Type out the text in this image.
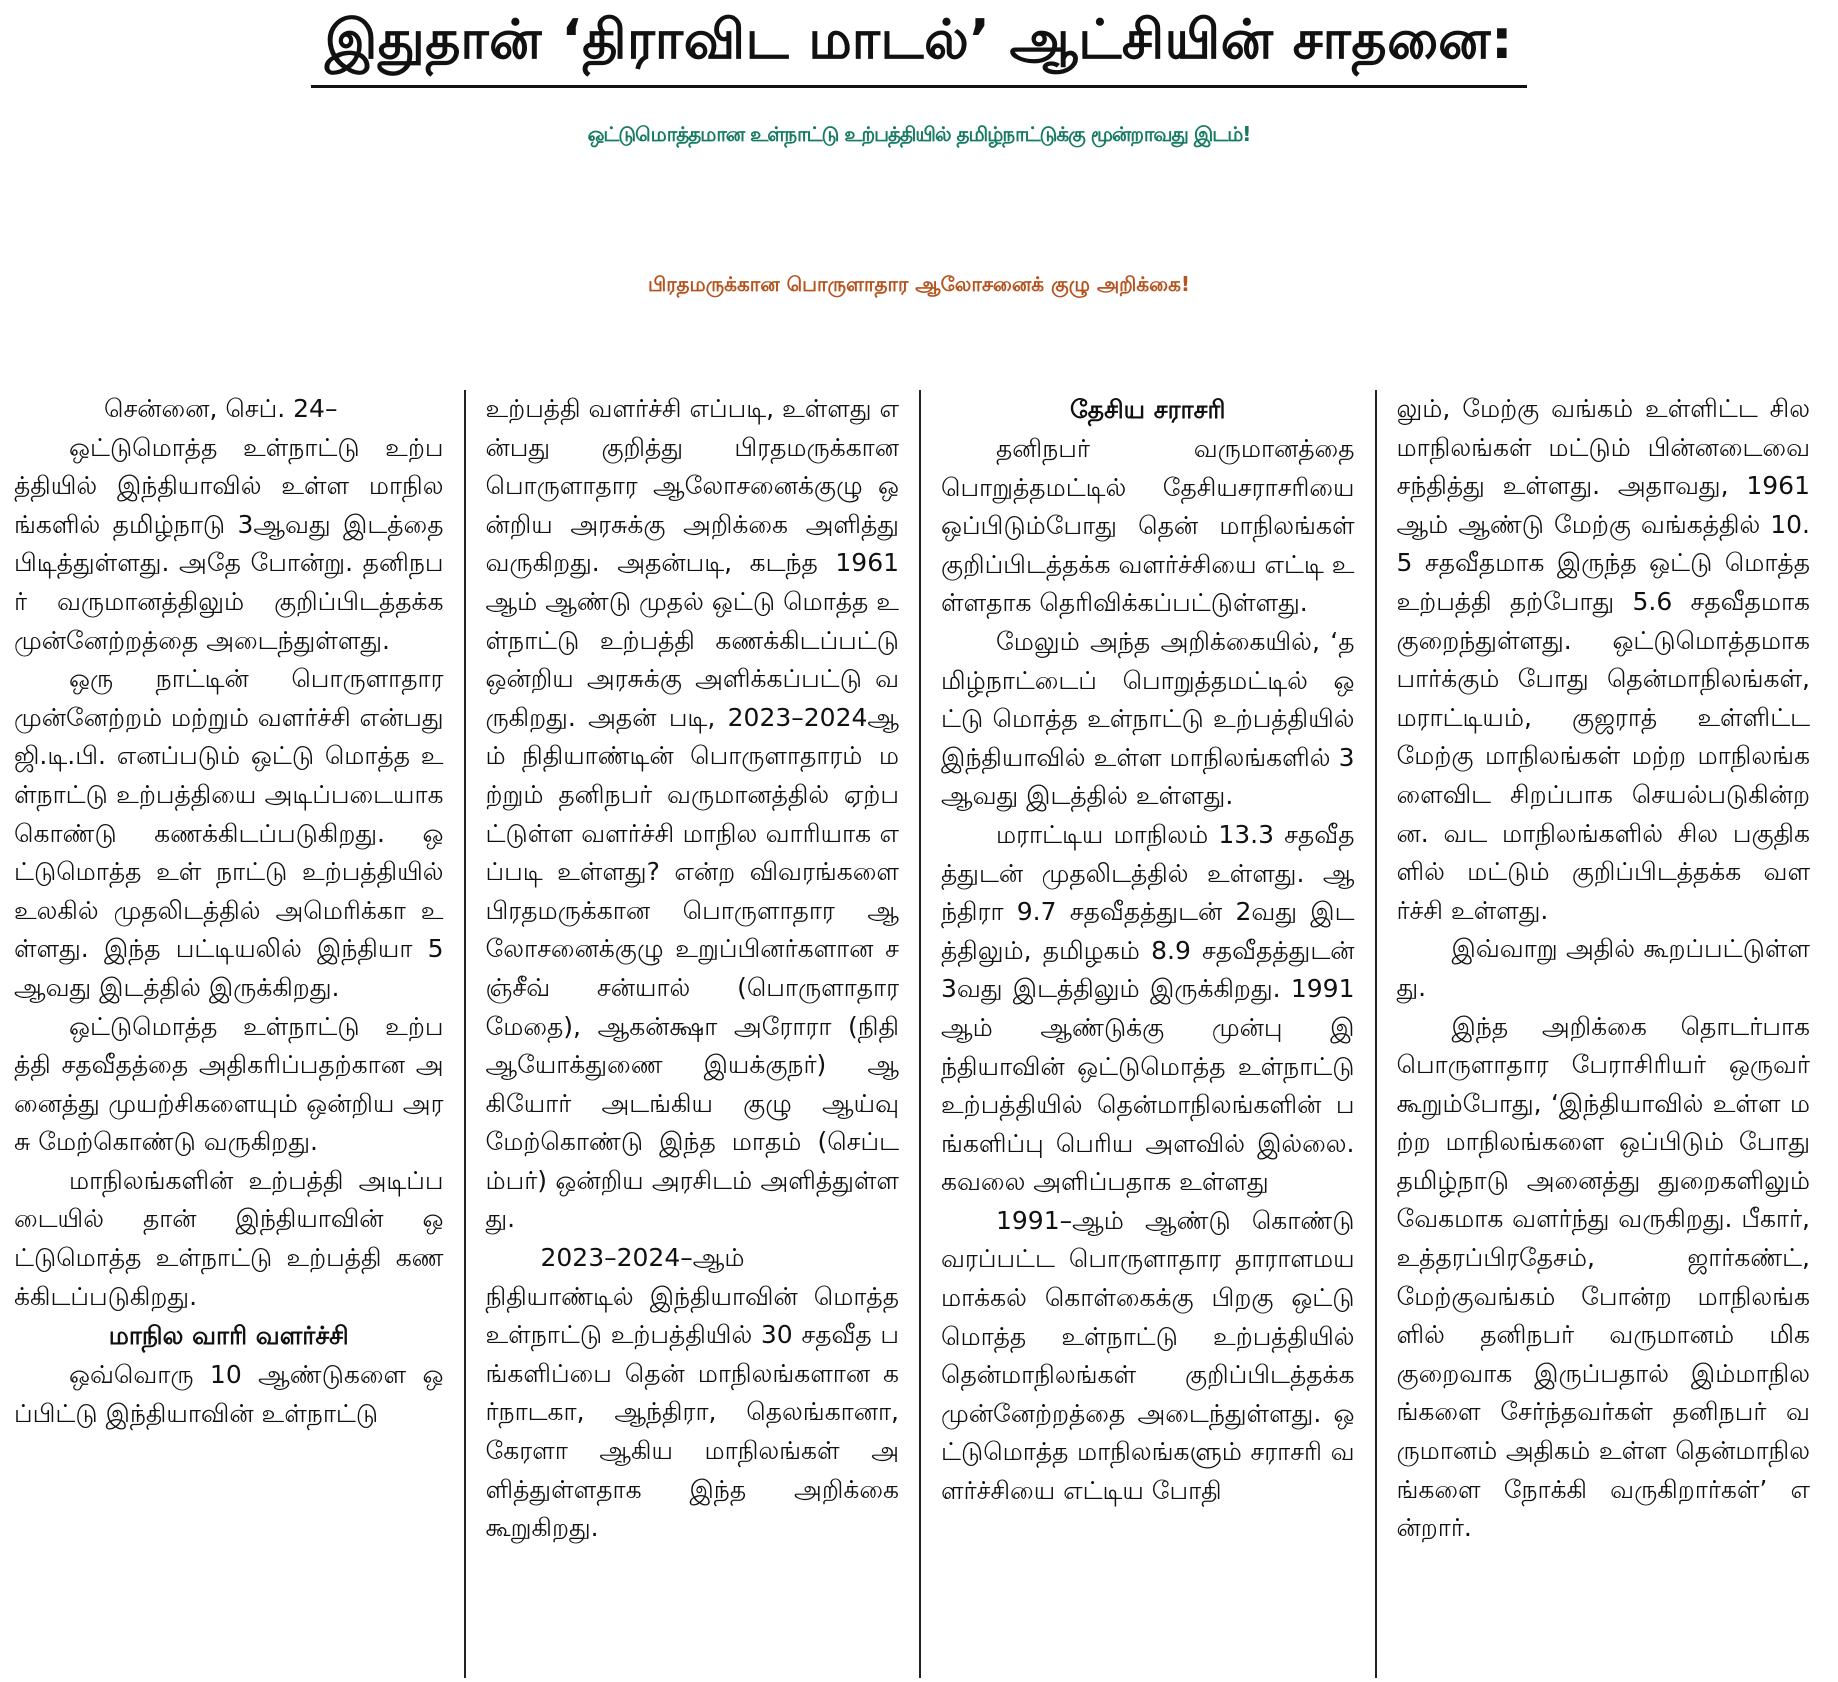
இதுதான் ‘திராவிட மாடல்’ ஆட்சியின் சாதனை:
ஒட்டுமொத்தமான உள்நாட்டு உற்பத்தியில் தமிழ்நாட்டுக்கு மூன்றாவது இடம்!
பிரதமருக்கான பொருளாதார ஆலோசனைக் குழு அறிக்கை!

சென்னை, செப். 24–

ஒட்டுமொத்த உள்நாட்டு உற்பத்தியில் இந்தியாவில் உள்ள மாநிலங்களில் தமிழ்நாடு 3ஆவது இடத்தை பிடித்துள்ளது. அதே போன்று. தனிநபர் வருமானத்திலும் குறிப்பிடத்தக்க முன்னேற்றத்தை அடைந்துள்ளது.

ஒரு நாட்டின் பொருளாதார முன்னேற்றம் மற்றும் வளர்ச்சி என்பது ஜி.டி.பி. எனப்படும் ஒட்டு மொத்த உள்நாட்டு உற்பத்தியை அடிப்படையாக கொண்டு கணக்கிடப்படுகிறது. ஒட்டுமொத்த உள் நாட்டு உற்பத்தியில் உலகில் முதலிடத்தில் அமெரிக்கா உள்ளது. இந்த பட்டியலில் இந்தியா 5ஆவது இடத்தில் இருக்கிறது.

ஒட்டுமொத்த உள்நாட்டு உற்பத்தி சதவீதத்தை அதிகரிப்பதற்கான அனைத்து முயற்சிகளையும் ஒன்றிய அரசு மேற்கொண்டு வருகிறது.

மாநிலங்களின் உற்பத்தி அடிப்படையில் தான் இந்தியாவின் ஒட்டுமொத்த உள்நாட்டு உற்பத்தி கணக்கிடப்படுகிறது.

மாநில வாரி வளர்ச்சி

ஒவ்வொரு 10 ஆண்டுகளை ஒப்பிட்டு இந்தியாவின் உள்நாட்டு

உற்பத்தி வளர்ச்சி எப்படி, உள்ளது என்பது குறித்து பிரதமருக்கான பொருளாதார ஆலோசனைக்குழு ஒன்றிய அரசுக்கு அறிக்கை அளித்து வருகிறது. அதன்படி, கடந்த 1961ஆம் ஆண்டு முதல் ஒட்டு மொத்த உள்நாட்டு உற்பத்தி கணக்கிடப்பட்டு ஒன்றிய அரசுக்கு அளிக்கப்பட்டு வருகிறது. அதன் படி, 2023–2024ஆம் நிதியாண்டின் பொருளாதாரம் மற்றும் தனிநபர் வருமானத்தில் ஏற்பட்டுள்ள வளர்ச்சி மாநில வாரியாக எப்படி உள்ளது? என்ற விவரங்களை பிரதமருக்கான பொருளாதார ஆலோசனைக்குழு உறுப்பினர்களான சஞ்சீவ் சன்யால் (பொருளாதார மேதை), ஆகன்க்ஷா அரோரா (நிதி ஆயோக்துணை இயக்குநர்) ஆகியோர் அடங்கிய குழு ஆய்வு மேற்கொண்டு இந்த மாதம் (செப்டம்பர்) ஒன்றிய அரசிடம் அளித்துள்ளது.

2023–2024–ஆம் நிதியாண்டில் இந்தியாவின் மொத்த உள்நாட்டு உற்பத்தியில் 30 சதவீத பங்களிப்பை தென் மாநிலங்களான கர்நாடகா, ஆந்திரா, தெலங்கானா, கேரளா ஆகிய மாநிலங்கள் அளித்துள்ளதாக இந்த அறிக்கை கூறுகிறது.

தேசிய சராசரி

தனிநபர் வருமானத்தை பொறுத்தமட்டில் தேசியசராசரியை ஒப்பிடும்போது தென் மாநிலங்கள் குறிப்பிடத்தக்க வளர்ச்சியை எட்டி உள்ளதாக தெரிவிக்கப்பட்டுள்ளது.

மேலும் அந்த அறிக்கையில், ‘தமிழ்நாட்டைப் பொறுத்தமட்டில் ஒட்டு மொத்த உள்நாட்டு உற்பத்தியில் இந்தியாவில் உள்ள மாநிலங்களில் 3ஆவது இடத்தில் உள்ளது.

மராட்டிய மாநிலம் 13.3 சதவீதத்துடன் முதலிடத்தில் உள்ளது. ஆந்திரா 9.7 சதவீதத்துடன் 2வது இடத்திலும், தமிழகம் 8.9 சதவீதத்துடன் 3வது இடத்திலும் இருக்கிறது. 1991ஆம் ஆண்டுக்கு முன்பு இந்தியாவின் ஒட்டுமொத்த உள்நாட்டு உற்பத்தியில் தென்மாநிலங்களின் பங்களிப்பு பெரிய அளவில் இல்லை. கவலை அளிப்பதாக உள்ளது

1991–ஆம் ஆண்டு கொண்டு வரப்பட்ட பொருளாதார தாராளமயமாக்கல் கொள்கைக்கு பிறகு ஒட்டு மொத்த உள்நாட்டு உற்பத்தியில் தென்மாநிலங்கள் குறிப்பிடத்தக்க முன்னேற்றத்தை அடைந்துள்ளது. ஒட்டுமொத்த மாநிலங்களும் சராசரி வளர்ச்சியை எட்டிய போதி

லும், மேற்கு வங்கம் உள்ளிட்ட சில மாநிலங்கள் மட்டும் பின்னடைவை சந்தித்து உள்ளது. அதாவது, 1961ஆம் ஆண்டு மேற்கு வங்கத்தில் 10.5 சதவீதமாக இருந்த ஒட்டு மொத்த உற்பத்தி தற்போது 5.6 சதவீதமாக குறைந்துள்ளது. ஒட்டுமொத்தமாக பார்க்கும் போது தென்மாநிலங்கள், மராட்டியம், குஜராத் உள்ளிட்ட மேற்கு மாநிலங்கள் மற்ற மாநிலங்களைவிட சிறப்பாக செயல்படுகின்றன. வட மாநிலங்களில் சில பகுதிகளில் மட்டும் குறிப்பிடத்தக்க வளர்ச்சி உள்ளது.

இவ்வாறு அதில் கூறப்பட்டுள்ளது.

இந்த அறிக்கை தொடர்பாக பொருளாதார பேராசிரியர் ஒருவர் கூறும்போது, ‘இந்தியாவில் உள்ள மற்ற மாநிலங்களை ஒப்பிடும் போது தமிழ்நாடு அனைத்து துறைகளிலும் வேகமாக வளர்ந்து வருகிறது. பீகார், உத்தரப்பிரதேசம், ஜார்கண்ட், மேற்குவங்கம் போன்ற மாநிலங்களில் தனிநபர் வருமானம் மிக குறைவாக இருப்பதால் இம்மாநிலங்களை சேர்ந்தவர்கள் தனிநபர் வருமானம் அதிகம் உள்ள தென்மாநிலங்களை நோக்கி வருகிறார்கள்’ என்றார்.
